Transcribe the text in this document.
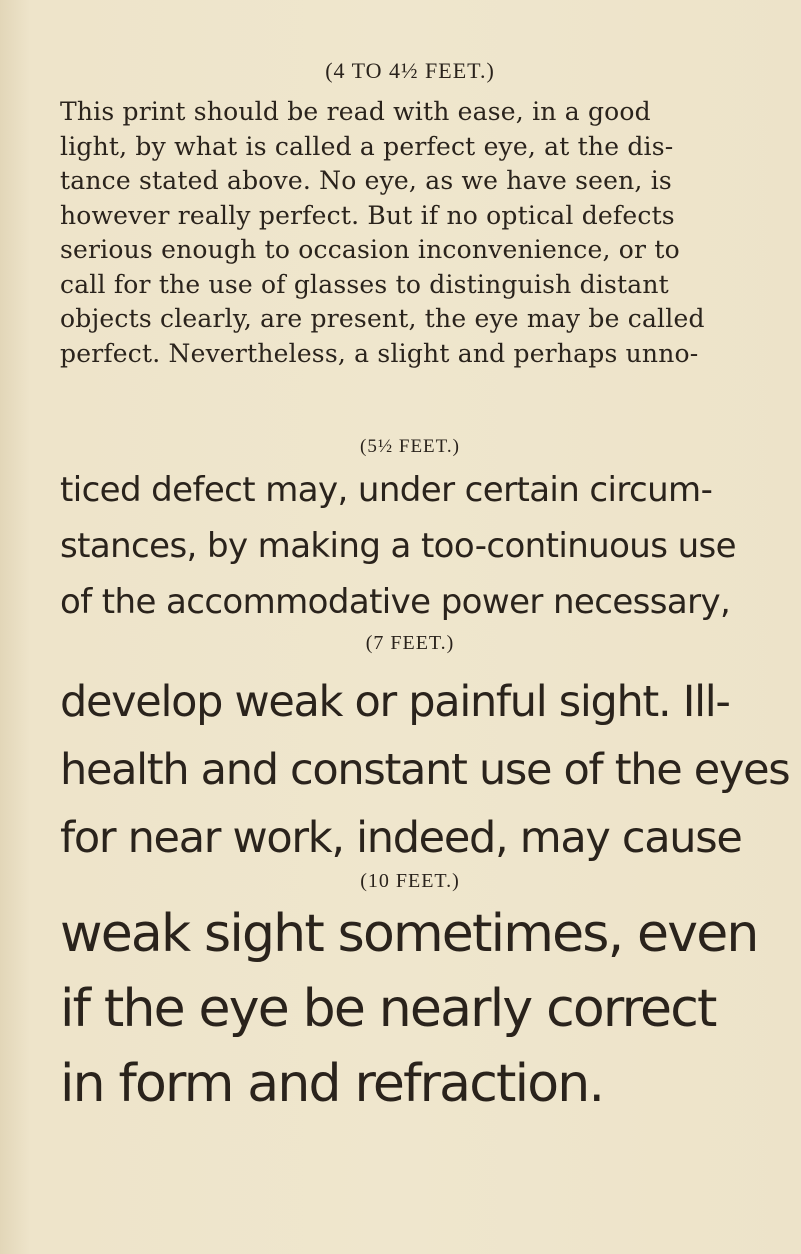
(4 TO 4½ FEET.)
This print should be read with ease, in a good
light, by what is called a perfect eye, at the dis-
tance stated above. No eye, as we have seen, is
however really perfect. But if no optical defects
serious enough to occasion inconvenience, or to
call for the use of glasses to distinguish distant
objects clearly, are present, the eye may be called
perfect. Nevertheless, a slight and perhaps unno-
(5½ FEET.)
ticed defect may, under certain circum-
stances, by making a too-continuous use
of the accommodative power necessary,
(7 FEET.)
develop weak or painful sight. Ill-
health and constant use of the eyes
for near work, indeed, may cause
(10 FEET.)
weak sight sometimes, even
if the eye be nearly correct
in form and refraction.
